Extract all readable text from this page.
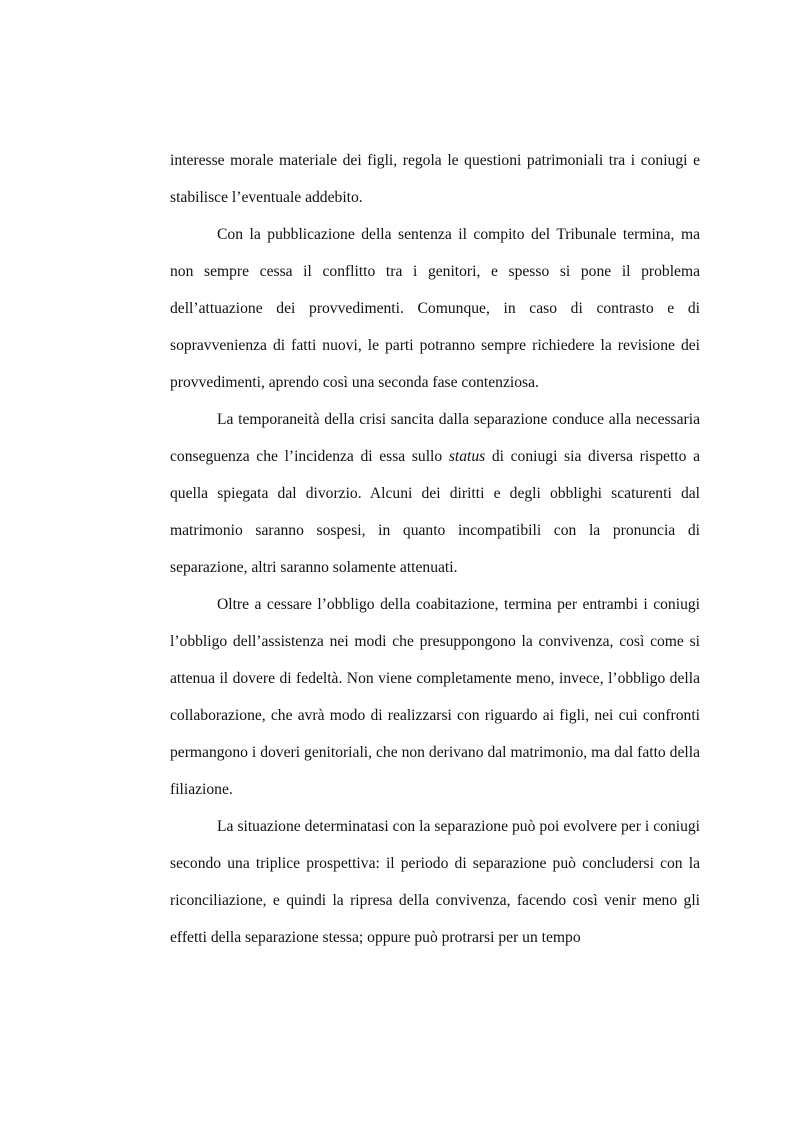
interesse morale materiale dei figli, regola le questioni patrimoniali tra i coniugi e stabilisce l’eventuale addebito.

Con la pubblicazione della sentenza il compito del Tribunale termina, ma non sempre cessa il conflitto tra i genitori, e spesso si pone il problema dell’attuazione dei provvedimenti. Comunque, in caso di contrasto e di sopravvenienza di fatti nuovi, le parti potranno sempre richiedere la revisione dei provvedimenti, aprendo così una seconda fase contenziosa.

La temporaneità della crisi sancita dalla separazione conduce alla necessaria conseguenza che l’incidenza di essa sullo status di coniugi sia diversa rispetto a quella spiegata dal divorzio. Alcuni dei diritti e degli obblighi scaturenti dal matrimonio saranno sospesi, in quanto incompatibili con la pronuncia di separazione, altri saranno solamente attenuati.

Oltre a cessare l’obbligo della coabitazione, termina per entrambi i coniugi l’obbligo dell’assistenza nei modi che presuppongono la convivenza, così come si attenua il dovere di fedeltà. Non viene completamente meno, invece, l’obbligo della collaborazione, che avrà modo di realizzarsi con riguardo ai figli, nei cui confronti permangono i doveri genitoriali, che non derivano dal matrimonio, ma dal fatto della filiazione.

La situazione determinatasi con la separazione può poi evolvere per i coniugi secondo una triplice prospettiva: il periodo di separazione può concludersi con la riconciliazione, e quindi la ripresa della convivenza, facendo così venir meno gli effetti della separazione stessa; oppure può protrarsi per un tempo
